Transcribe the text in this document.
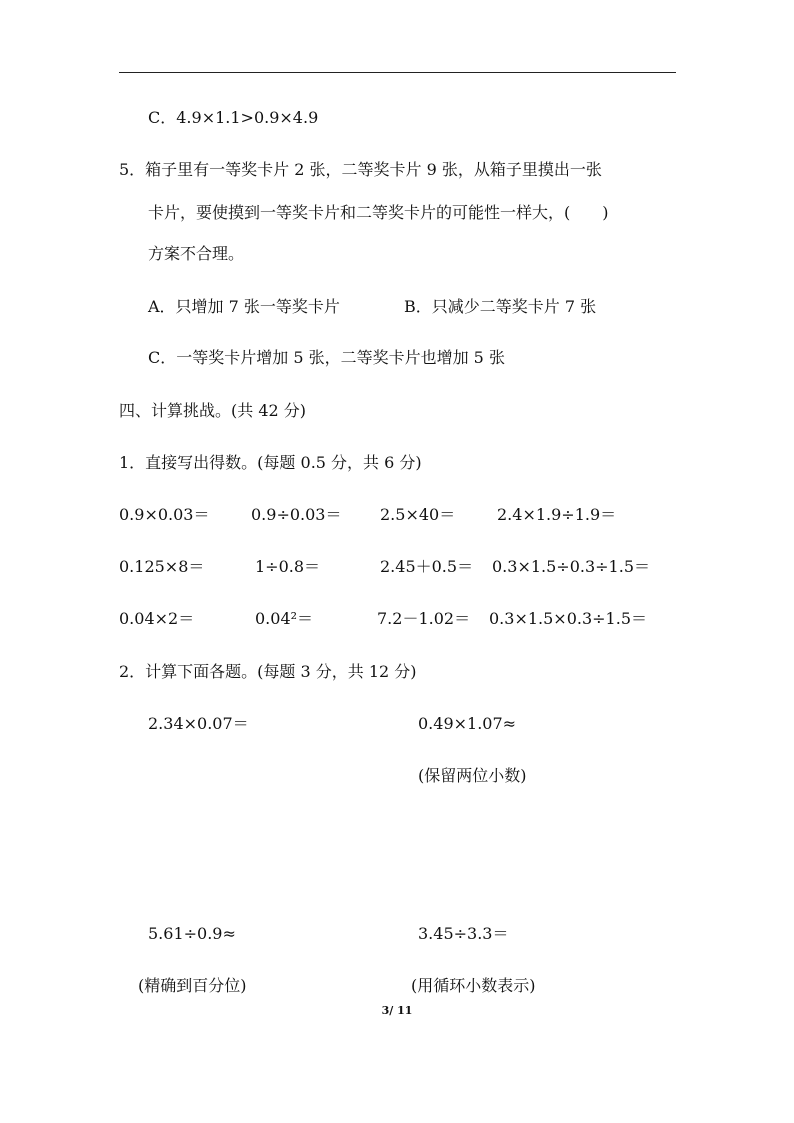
C．4.9×1.1>0.9×4.9
5．箱子里有一等奖卡片 2 张，二等奖卡片 9 张，从箱子里摸出一张
卡片，要使摸到一等奖卡片和二等奖卡片的可能性一样大，( )
方案不合理。
A．只增加 7 张一等奖卡片	B．只减少二等奖卡片 7 张
C．一等奖卡片增加 5 张，二等奖卡片也增加 5 张
四、计算挑战。(共 42 分)
1．直接写出得数。(每题 0.5 分，共 6 分)
0.9×0.03＝	0.9÷0.03＝ 2.5×40＝	2.4×1.9÷1.9＝
0.125×8＝	1÷0.8＝	2.45＋0.5＝ 0.3×1.5÷0.3÷1.5＝
0.04×2＝	0.04²＝	7.2－1.02＝ 0.3×1.5×0.3÷1.5＝
2．计算下面各题。(每题 3 分，共 12 分)
2.34×0.07＝	0.49×1.07≈
(保留两位小数)
5.61÷0.9≈	3.45÷3.3＝
(精确到百分位)	(用循环小数表示)
3/ 11
